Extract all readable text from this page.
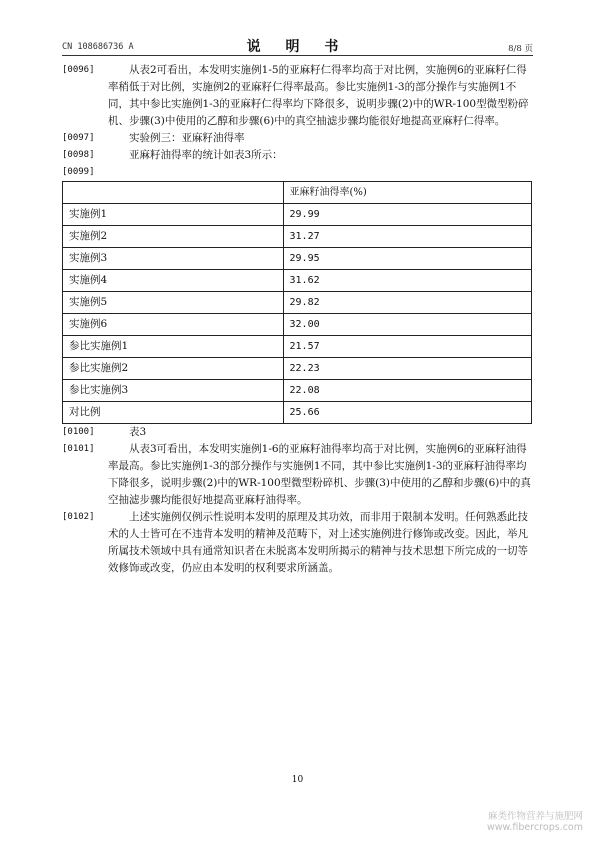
CN 108686736 A	说 明 书	8/8 页

[0096] 　　从表2可看出，本发明实施例1-5的亚麻籽仁得率均高于对比例，实施例6的亚麻籽仁得率稍低于对比例，实施例2的亚麻籽仁得率最高。参比实施例1-3的部分操作与实施例1不同，其中参比实施例1-3的亚麻籽仁得率均下降很多，说明步骤(2)中的WR-100型微型粉碎机、步骤(3)中使用的乙醇和步骤(6)中的真空抽滤步骤均能很好地提高亚麻籽仁得率。

[0097] 　　实验例三：亚麻籽油得率

[0098] 　　亚麻籽油得率的统计如表3所示：

[0099]

	亚麻籽油得率(%)
实施例1	29.99
实施例2	31.27
实施例3	29.95
实施例4	31.62
实施例5	29.82
实施例6	32.00
参比实施例1	21.57
参比实施例2	22.23
参比实施例3	22.08
对比例	25.66

[0100] 　　表3

[0101] 　　从表3可看出，本发明实施例1-6的亚麻籽油得率均高于对比例，实施例6的亚麻籽油得率最高。参比实施例1-3的部分操作与实施例1不同，其中参比实施例1-3的亚麻籽油得率均下降很多，说明步骤(2)中的WR-100型微型粉碎机、步骤(3)中使用的乙醇和步骤(6)中的真空抽滤步骤均能很好地提高亚麻籽油得率。

[0102] 　　上述实施例仅例示性说明本发明的原理及其功效，而非用于限制本发明。任何熟悉此技术的人士皆可在不违背本发明的精神及范畴下，对上述实施例进行修饰或改变。因此，举凡所属技术领域中具有通常知识者在未脱离本发明所揭示的精神与技术思想下所完成的一切等效修饰或改变，仍应由本发明的权利要求所涵盖。

10
麻类作物营养与施肥网
www.fibercrops.com
